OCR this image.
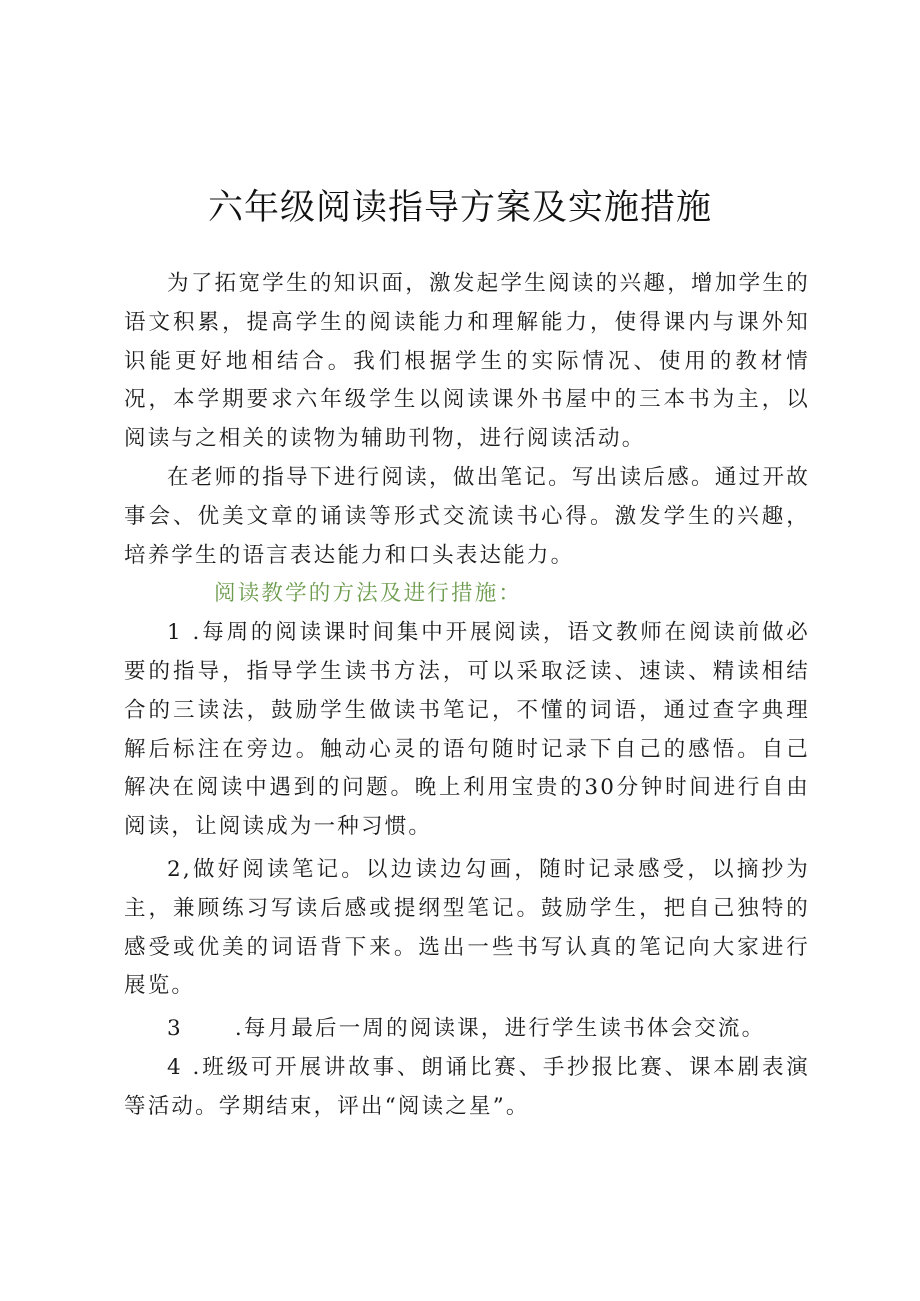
六年级阅读指导方案及实施措施

为了拓宽学生的知识面，激发起学生阅读的兴趣，增加学生的语文积累，提高学生的阅读能力和理解能力，使得课内与课外知识能更好地相结合。我们根据学生的实际情况、使用的教材情况，本学期要求六年级学生以阅读课外书屋中的三本书为主，以阅读与之相关的读物为辅助刊物，进行阅读活动。

在老师的指导下进行阅读，做出笔记。写出读后感。通过开故事会、优美文章的诵读等形式交流读书心得。激发学生的兴趣，培养学生的语言表达能力和口头表达能力。

阅读教学的方法及进行措施：

1 .每周的阅读课时间集中开展阅读，语文教师在阅读前做必要的指导，指导学生读书方法，可以采取泛读、速读、精读相结合的三读法，鼓励学生做读书笔记，不懂的词语，通过查字典理解后标注在旁边。触动心灵的语句随时记录下自己的感悟。自己解决在阅读中遇到的问题。晚上利用宝贵的30分钟时间进行自由阅读，让阅读成为一种习惯。

2,做好阅读笔记。以边读边勾画，随时记录感受，以摘抄为主，兼顾练习写读后感或提纲型笔记。鼓励学生，把自己独特的感受或优美的词语背下来。选出一些书写认真的笔记向大家进行展览。

3 .每月最后一周的阅读课，进行学生读书体会交流。

4 .班级可开展讲故事、朗诵比赛、手抄报比赛、课本剧表演等活动。学期结束，评出“阅读之星”。
